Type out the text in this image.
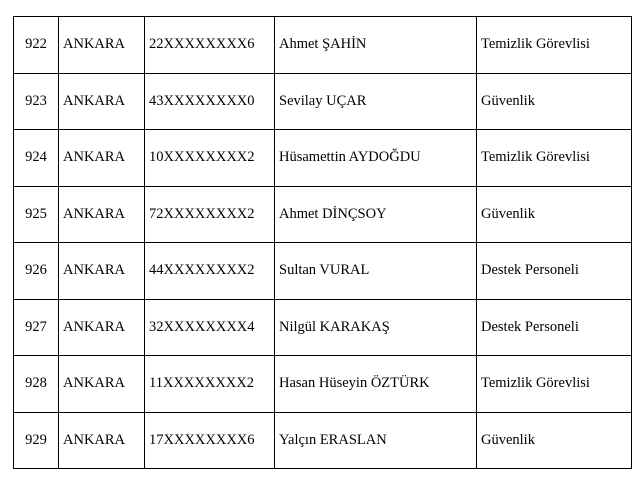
922	ANKARA	22XXXXXXXX6	Ahmet ŞAHİN	Temizlik Görevlisi
923	ANKARA	43XXXXXXXX0	Sevilay UÇAR	Güvenlik
924	ANKARA	10XXXXXXXX2	Hüsamettin AYDOĞDU	Temizlik Görevlisi
925	ANKARA	72XXXXXXXX2	Ahmet DİNÇSOY	Güvenlik
926	ANKARA	44XXXXXXXX2	Sultan VURAL	Destek Personeli
927	ANKARA	32XXXXXXXX4	Nilgül KARAKAŞ	Destek Personeli
928	ANKARA	11XXXXXXXX2	Hasan Hüseyin ÖZTÜRK	Temizlik Görevlisi
929	ANKARA	17XXXXXXXX6	Yalçın ERASLAN	Güvenlik
